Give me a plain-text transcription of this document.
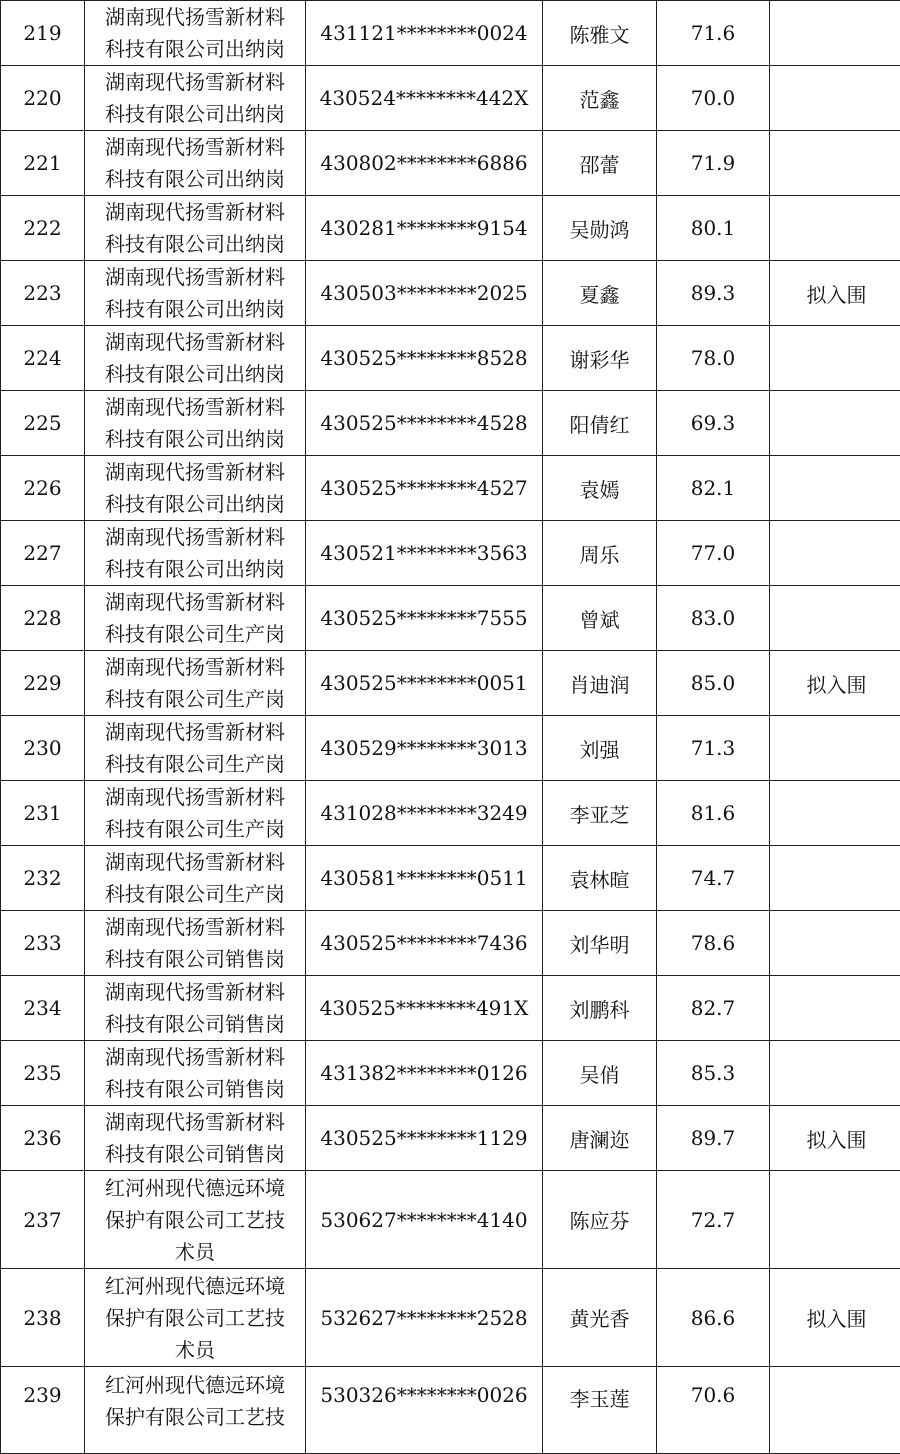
219	湖南现代扬雪新材料
科技有限公司出纳岗	431121********0024	陈雅文	71.6	
220	湖南现代扬雪新材料
科技有限公司出纳岗	430524********442X	范鑫	70.0	
221	湖南现代扬雪新材料
科技有限公司出纳岗	430802********6886	邵蕾	71.9	
222	湖南现代扬雪新材料
科技有限公司出纳岗	430281********9154	吴勋鸿	80.1	
223	湖南现代扬雪新材料
科技有限公司出纳岗	430503********2025	夏鑫	89.3	拟入围
224	湖南现代扬雪新材料
科技有限公司出纳岗	430525********8528	谢彩华	78.0	
225	湖南现代扬雪新材料
科技有限公司出纳岗	430525********4528	阳倩红	69.3	
226	湖南现代扬雪新材料
科技有限公司出纳岗	430525********4527	袁嫣	82.1	
227	湖南现代扬雪新材料
科技有限公司出纳岗	430521********3563	周乐	77.0	
228	湖南现代扬雪新材料
科技有限公司生产岗	430525********7555	曾斌	83.0	
229	湖南现代扬雪新材料
科技有限公司生产岗	430525********0051	肖迪润	85.0	拟入围
230	湖南现代扬雪新材料
科技有限公司生产岗	430529********3013	刘强	71.3	
231	湖南现代扬雪新材料
科技有限公司生产岗	431028********3249	李亚芝	81.6	
232	湖南现代扬雪新材料
科技有限公司生产岗	430581********0511	袁林暄	74.7	
233	湖南现代扬雪新材料
科技有限公司销售岗	430525********7436	刘华明	78.6	
234	湖南现代扬雪新材料
科技有限公司销售岗	430525********491X	刘鹏科	82.7	
235	湖南现代扬雪新材料
科技有限公司销售岗	431382********0126	吴俏	85.3	
236	湖南现代扬雪新材料
科技有限公司销售岗	430525********1129	唐澜迩	89.7	拟入围
237	红河州现代德远环境
保护有限公司工艺技
术员	530627********4140	陈应芬	72.7	
238	红河州现代德远环境
保护有限公司工艺技
术员	532627********2528	黄光香	86.6	拟入围
239	红河州现代德远环境
保护有限公司工艺技	530326********0026	李玉莲	70.6	
